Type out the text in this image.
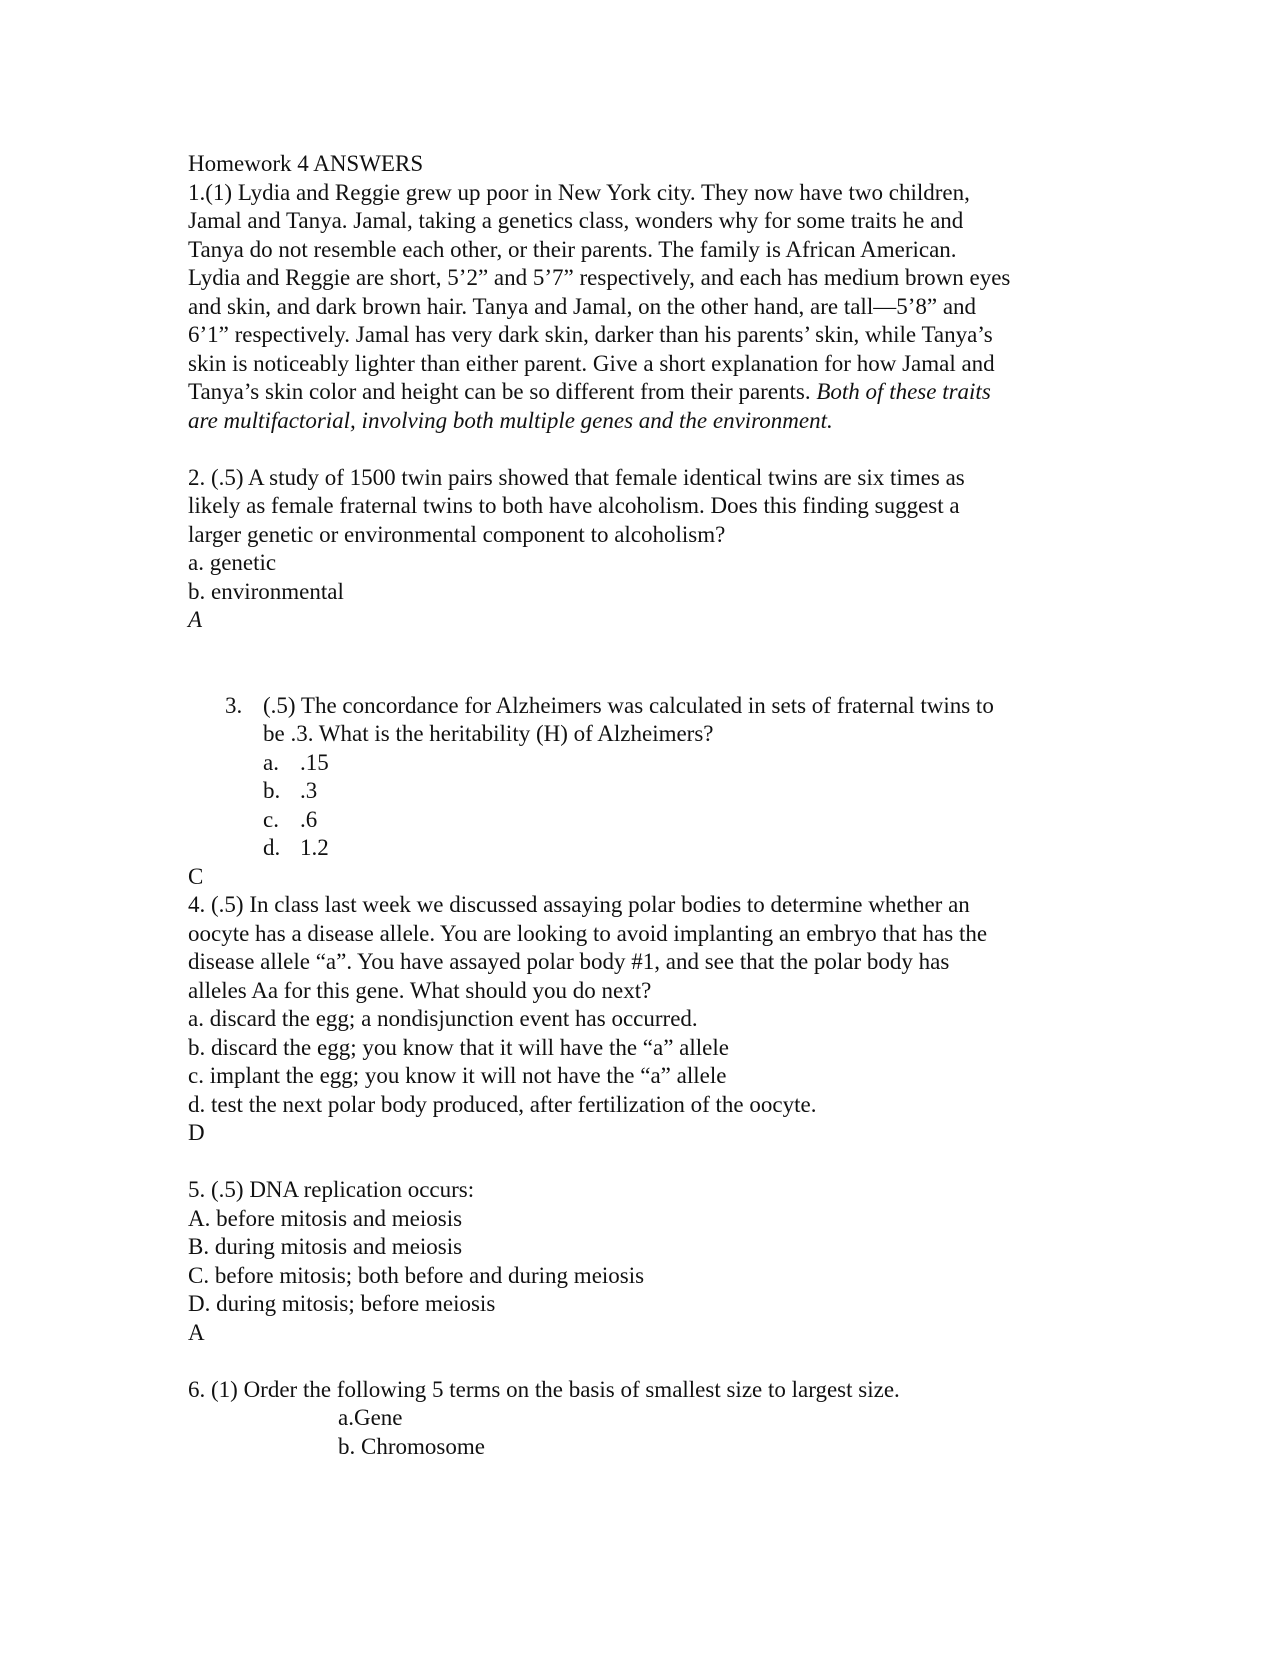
Homework 4 ANSWERS
1.(1) Lydia and Reggie grew up poor in New York city. They now have two children,
Jamal and Tanya. Jamal, taking a genetics class, wonders why for some traits he and
Tanya do not resemble each other, or their parents. The family is African American.
Lydia and Reggie are short, 5’2” and 5’7” respectively, and each has medium brown eyes
and skin, and dark brown hair. Tanya and Jamal, on the other hand, are tall—5’8” and
6’1” respectively. Jamal has very dark skin, darker than his parents’ skin, while Tanya’s
skin is noticeably lighter than either parent. Give a short explanation for how Jamal and
Tanya’s skin color and height can be so different from their parents. Both of these traits
are multifactorial, involving both multiple genes and the environment.
2. (.5) A study of 1500 twin pairs showed that female identical twins are six times as
likely as female fraternal twins to both have alcoholism. Does this finding suggest a
larger genetic or environmental component to alcoholism?
a. genetic
b. environmental
A
3. (.5) The concordance for Alzheimers was calculated in sets of fraternal twins to
be .3. What is the heritability (H) of Alzheimers?
a. .15
b. .3
c. .6
d. 1.2
C
4. (.5) In class last week we discussed assaying polar bodies to determine whether an
oocyte has a disease allele. You are looking to avoid implanting an embryo that has the
disease allele “a”. You have assayed polar body #1, and see that the polar body has
alleles Aa for this gene. What should you do next?
a. discard the egg; a nondisjunction event has occurred.
b. discard the egg; you know that it will have the “a” allele
c. implant the egg; you know it will not have the “a” allele
d. test the next polar body produced, after fertilization of the oocyte.
D
5. (.5) DNA replication occurs:
A. before mitosis and meiosis
B. during mitosis and meiosis
C. before mitosis; both before and during meiosis
D. during mitosis; before meiosis
A
6. (1) Order the following 5 terms on the basis of smallest size to largest size.
a.Gene
b. Chromosome
